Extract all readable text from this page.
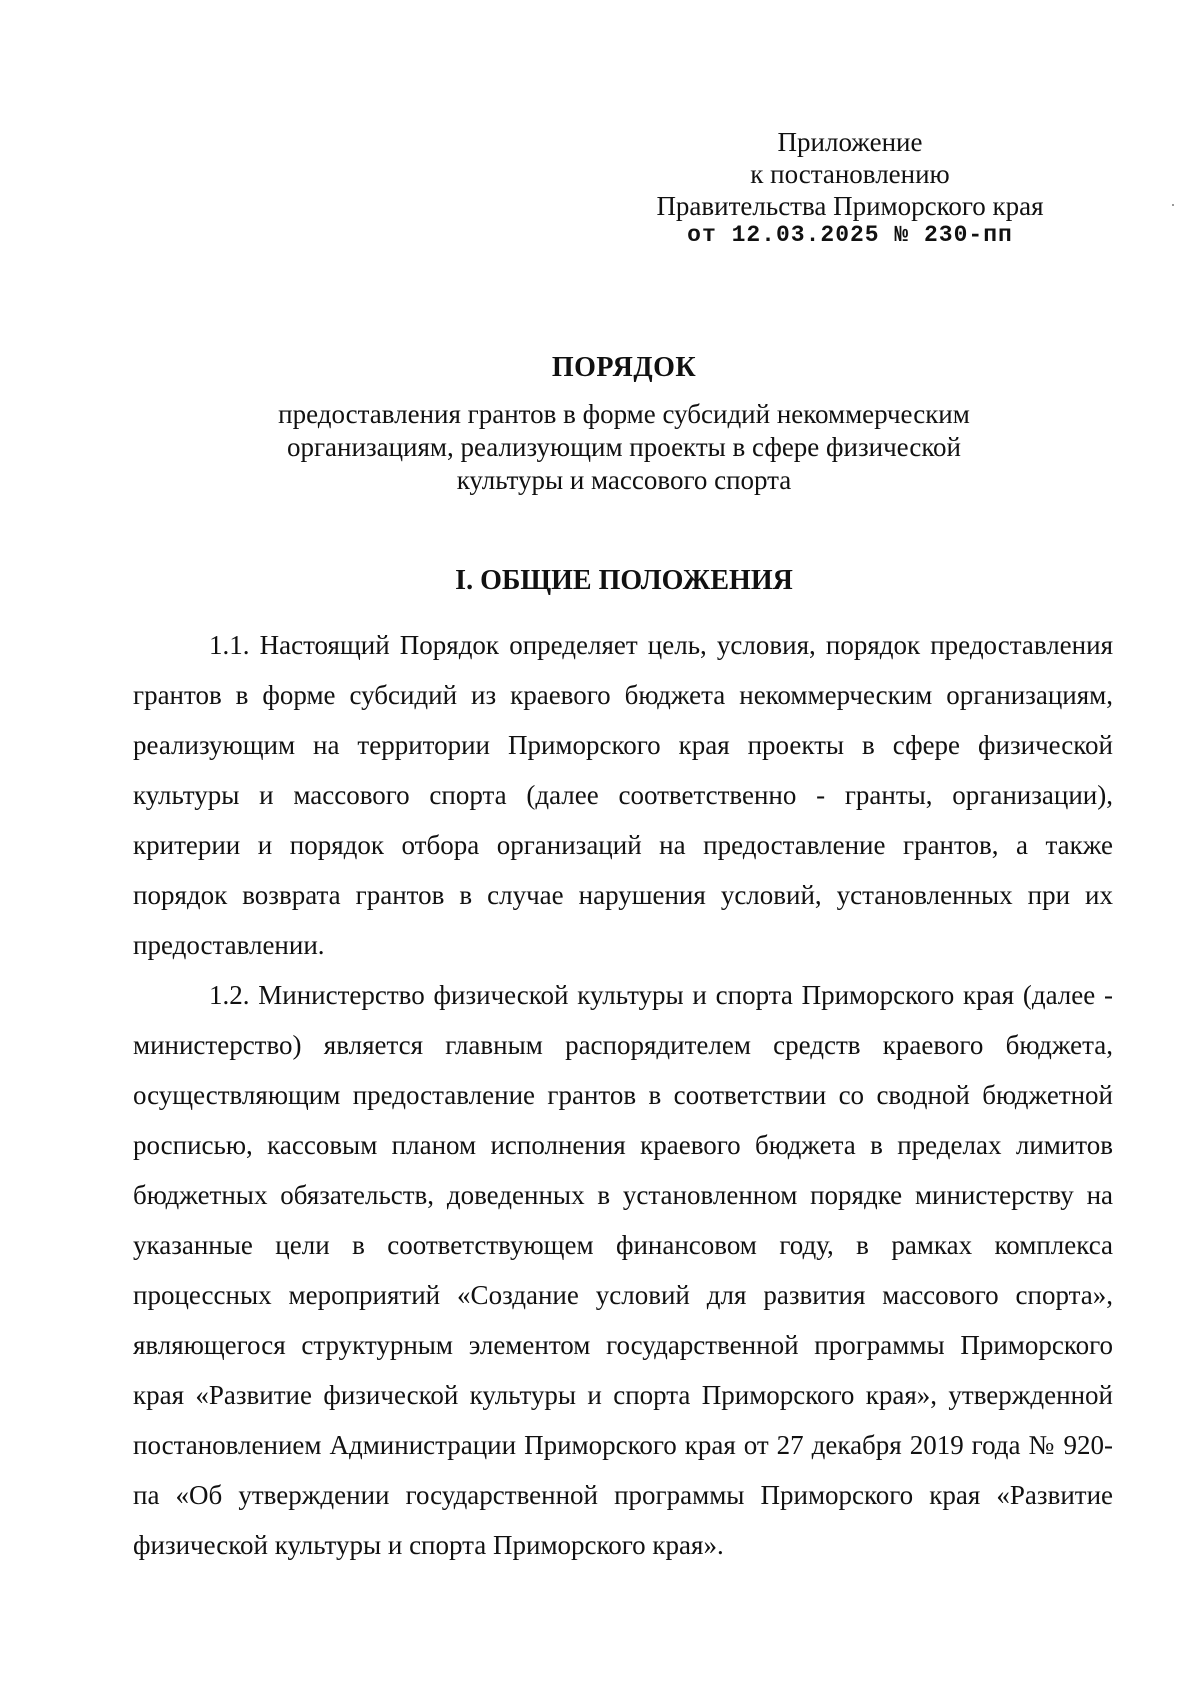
Приложение
к постановлению
Правительства Приморского края
от 12.03.2025 № 230-пп
ПОРЯДОК
предоставления грантов в форме субсидий некоммерческим
организациям, реализующим проекты в сфере физической
культуры и массового спорта
I. ОБЩИЕ ПОЛОЖЕНИЯ

1.1. Настоящий Порядок определяет цель, условия, порядок предоставления грантов в форме субсидий из краевого бюджета некоммерческим организациям, реализующим на территории Приморского края проекты в сфере физической культуры и массового спорта (далее соответственно - гранты, организации), критерии и порядок отбора организаций на предоставление грантов, а также порядок возврата грантов в случае нарушения условий, установленных при их предоставлении.

1.2. Министерство физической культуры и спорта Приморского края (далее - министерство) является главным распорядителем средств краевого бюджета, осуществляющим предоставление грантов в соответствии со сводной бюджетной росписью, кассовым планом исполнения краевого бюджета в пределах лимитов бюджетных обязательств, доведенных в установленном порядке министерству на указанные цели в соответствующем финансовом году, в рамках комплекса процессных мероприятий «Создание условий для развития массового спорта», являющегося структурным элементом государственной программы Приморского края «Развитие физической культуры и спорта Приморского края», утвержденной постановлением Администрации Приморского края от 27 декабря 2019 года № 920-па «Об утверждении государственной программы Приморского края «Развитие физической культуры и спорта Приморского края».
